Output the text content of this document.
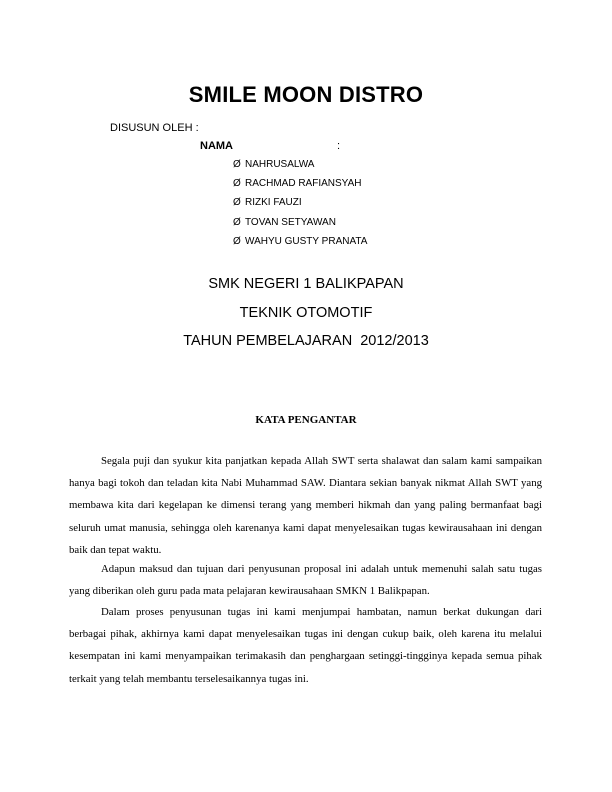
SMILE MOON DISTRO
DISUSUN OLEH :
NAMA	:
Ø NAHRUSALWA
Ø RACHMAD RAFIANSYAH
Ø RIZKI FAUZI
Ø TOVAN SETYAWAN
Ø WAHYU GUSTY PRANATA
SMK NEGERI 1 BALIKPAPAN
TEKNIK OTOMOTIF
TAHUN PEMBELAJARAN  2012/2013
KATA PENGANTAR

Segala puji dan syukur kita panjatkan kepada Allah SWT serta shalawat dan salam kami sampaikan hanya bagi tokoh dan teladan kita Nabi Muhammad SAW. Diantara sekian banyak nikmat Allah SWT yang membawa kita dari kegelapan ke dimensi terang yang memberi hikmah dan yang paling bermanfaat bagi seluruh umat manusia, sehingga oleh karenanya kami dapat menyelesaikan tugas kewirausahaan ini dengan baik dan tepat waktu.

Adapun maksud dan tujuan dari penyusunan proposal ini adalah untuk memenuhi salah satu tugas yang diberikan oleh guru pada mata pelajaran kewirausahaan SMKN 1 Balikpapan.

Dalam proses penyusunan tugas ini kami menjumpai hambatan, namun berkat dukungan dari berbagai pihak, akhirnya kami dapat menyelesaikan tugas ini dengan cukup baik, oleh karena itu melalui kesempatan ini kami menyampaikan terimakasih dan penghargaan setinggi-tingginya kepada semua pihak terkait yang telah membantu terselesaikannya tugas ini.
